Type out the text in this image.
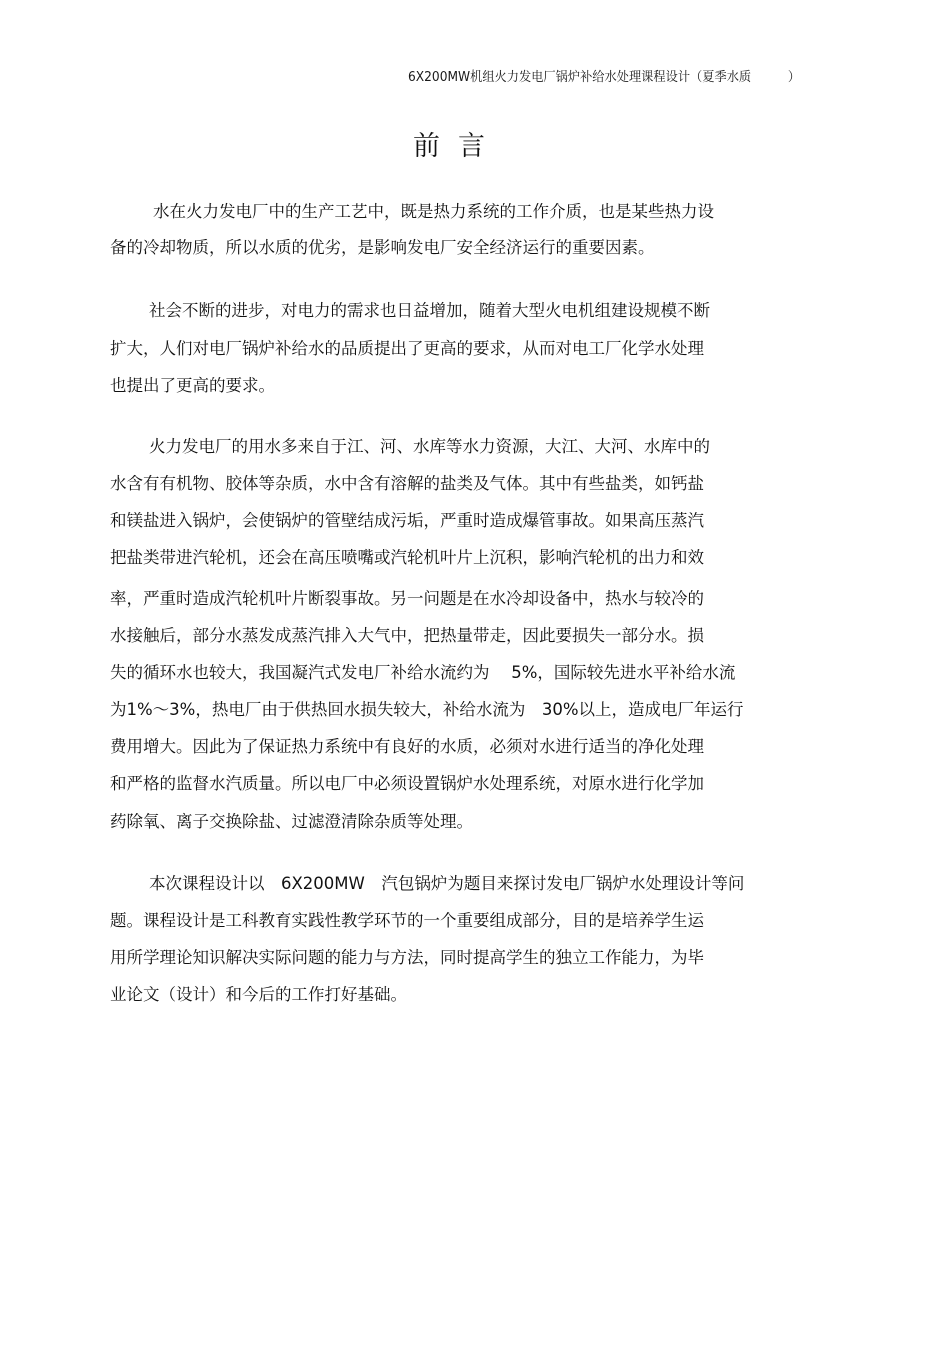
6X200MW机组火力发电厂锅炉补给水处理课程设计（夏季水质　　　）
前言
水在火力发电厂中的生产工艺中，既是热力系统的工作介质，也是某些热力设
备的冷却物质，所以水质的优劣，是影响发电厂安全经济运行的重要因素。
社会不断的进步，对电力的需求也日益增加，随着大型火电机组建设规模不断
扩大，人们对电厂锅炉补给水的品质提出了更高的要求，从而对电工厂化学水处理
也提出了更高的要求。
火力发电厂的用水多来自于江、河、水库等水力资源，大江、大河、水库中的
水含有有机物、胶体等杂质，水中含有溶解的盐类及气体。其中有些盐类，如钙盐
和镁盐进入锅炉，会使锅炉的管壁结成污垢，严重时造成爆管事故。如果高压蒸汽
把盐类带进汽轮机，还会在高压喷嘴或汽轮机叶片上沉积，影响汽轮机的出力和效
率，严重时造成汽轮机叶片断裂事故。另一问题是在水冷却设备中，热水与较冷的
水接触后，部分水蒸发成蒸汽排入大气中，把热量带走，因此要损失一部分水。损
失的循环水也较大，我国凝汽式发电厂补给水流约为　 5%，国际较先进水平补给水流
为1%～3%，热电厂由于供热回水损失较大，补给水流为　30%以上，造成电厂年运行
费用增大。因此为了保证热力系统中有良好的水质，必须对水进行适当的净化处理
和严格的监督水汽质量。所以电厂中必须设置锅炉水处理系统，对原水进行化学加
药除氧、离子交换除盐、过滤澄清除杂质等处理。
本次课程设计以　6X200MW　汽包锅炉为题目来探讨发电厂锅炉水处理设计等问
题。课程设计是工科教育实践性教学环节的一个重要组成部分，目的是培养学生运
用所学理论知识解决实际问题的能力与方法，同时提高学生的独立工作能力，为毕
业论文（设计）和今后的工作打好基础。
